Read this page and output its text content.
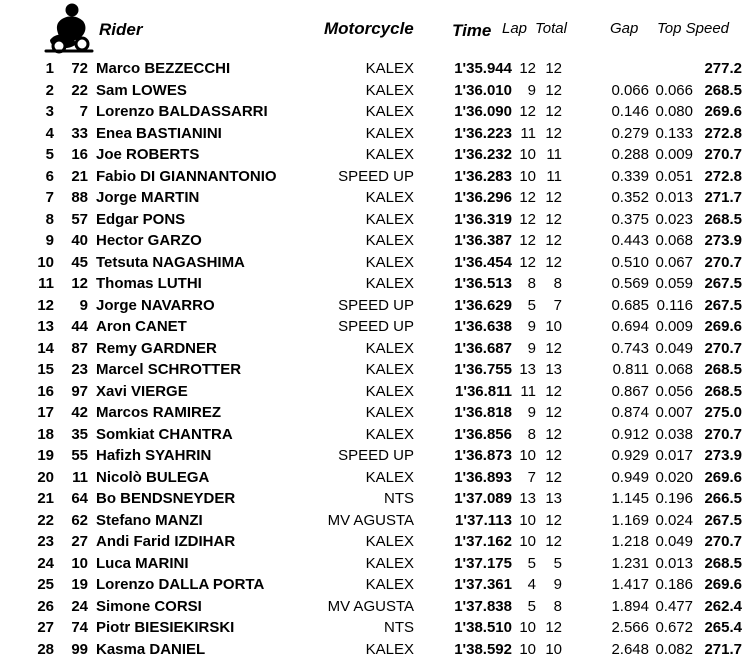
Rider	Motorcycle Time Lap Total	Gap Top Speed
1	72 Marco BEZZECCHI	KALEX	1'35.944 12 12	277.2
2	22 Sam LOWES	KALEX	1'36.010	9 12	0.066 0.066 268.5
3	7 Lorenzo BALDASSARRI	KALEX	1'36.090 12 12	0.146 0.080 269.6
4	33 Enea BASTIANINI	KALEX	1'36.223 11 12	0.279 0.133 272.8
5	16 Joe ROBERTS	KALEX	1'36.232 10 11	0.288 0.009 270.7
6	21 Fabio DI GIANNANTONIO	SPEED UP	1'36.283 10 11	0.339 0.051 272.8
7	88 Jorge MARTIN	KALEX	1'36.296 12 12	0.352 0.013 271.7
8	57 Edgar PONS	KALEX	1'36.319 12 12	0.375 0.023 268.5
9	40 Hector GARZO	KALEX	1'36.387 12 12	0.443 0.068 273.9
10	45 Tetsuta NAGASHIMA	KALEX	1'36.454 12 12	0.510 0.067 270.7
11	12 Thomas LUTHI	KALEX	1'36.513	8	8	0.569 0.059 267.5
12	9 Jorge NAVARRO	SPEED UP	1'36.629	5	7	0.685 0.116 267.5
13	44 Aron CANET	SPEED UP	1'36.638	9 10	0.694 0.009 269.6
14	87 Remy GARDNER	KALEX	1'36.687	9 12	0.743 0.049 270.7
15	23 Marcel SCHROTTER	KALEX	1'36.755 13 13	0.811 0.068 268.5
16	97 Xavi VIERGE	KALEX	1'36.811 11 12	0.867 0.056 268.5
17	42 Marcos RAMIREZ	KALEX	1'36.818	9 12	0.874 0.007 275.0
18	35 Somkiat CHANTRA	KALEX	1'36.856	8 12	0.912 0.038 270.7
19	55 Hafizh SYAHRIN	SPEED UP	1'36.873 10 12	0.929 0.017 273.9
20	11 Nicolò BULEGA	KALEX	1'36.893	7 12	0.949 0.020 269.6
21	64 Bo BENDSNEYDER	NTS	1'37.089 13 13	1.145 0.196 266.5
22	62 Stefano MANZI	MV AGUSTA	1'37.113 10 12	1.169 0.024 267.5
23	27 Andi Farid IZDIHAR	KALEX	1'37.162 10 12	1.218 0.049 270.7
24	10 Luca MARINI	KALEX	1'37.175	5	5	1.231 0.013 268.5
25	19 Lorenzo DALLA PORTA	KALEX	1'37.361	4	9	1.417 0.186 269.6
26	24 Simone CORSI	MV AGUSTA	1'37.838	5	8	1.894 0.477 262.4
27	74 Piotr BIESIEKIRSKI	NTS	1'38.510 10 12	2.566 0.672 265.4
28	99 Kasma DANIEL	KALEX	1'38.592 10 10	2.648 0.082 271.7
